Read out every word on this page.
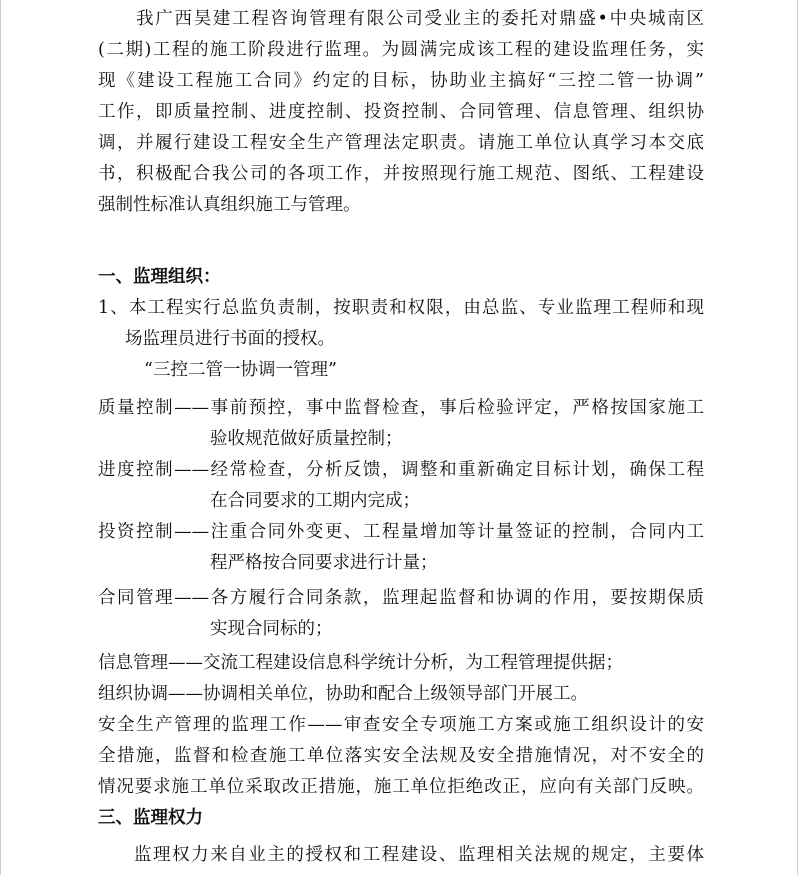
我广西昊建工程咨询管理有限公司受业主的委托对鼎盛•中央城南区
(二期)工程的施工阶段进行监理。为圆满完成该工程的建设监理任务，实
现《建设工程施工合同》约定的目标，协助业主搞好“三控二管一协调”
工作，即质量控制、进度控制、投资控制、合同管理、信息管理、组织协
调，并履行建设工程安全生产管理法定职责。请施工单位认真学习本交底
书，积极配合我公司的各项工作，并按照现行施工规范、图纸、工程建设
强制性标准认真组织施工与管理。
一、监理组织：
1、本工程实行总监负责制，按职责和权限，由总监、专业监理工程师和现
场监理员进行书面的授权。
“三控二管一协调一管理”
质量控制——事前预控，事中监督检查，事后检验评定，严格按国家施工
验收规范做好质量控制；
进度控制——经常检查，分析反馈，调整和重新确定目标计划，确保工程
在合同要求的工期内完成；
投资控制——注重合同外变更、工程量增加等计量签证的控制，合同内工
程严格按合同要求进行计量；
合同管理——各方履行合同条款，监理起监督和协调的作用，要按期保质
实现合同标的；
信息管理——交流工程建设信息科学统计分析，为工程管理提供据；
组织协调——协调相关单位，协助和配合上级领导部门开展工。
安全生产管理的监理工作——审查安全专项施工方案或施工组织设计的安
全措施，监督和检查施工单位落实安全法规及安全措施情况，对不安全的
情况要求施工单位采取改正措施，施工单位拒绝改正，应向有关部门反映。
三、监理权力
监理权力来自业主的授权和工程建设、监理相关法规的规定，主要体
